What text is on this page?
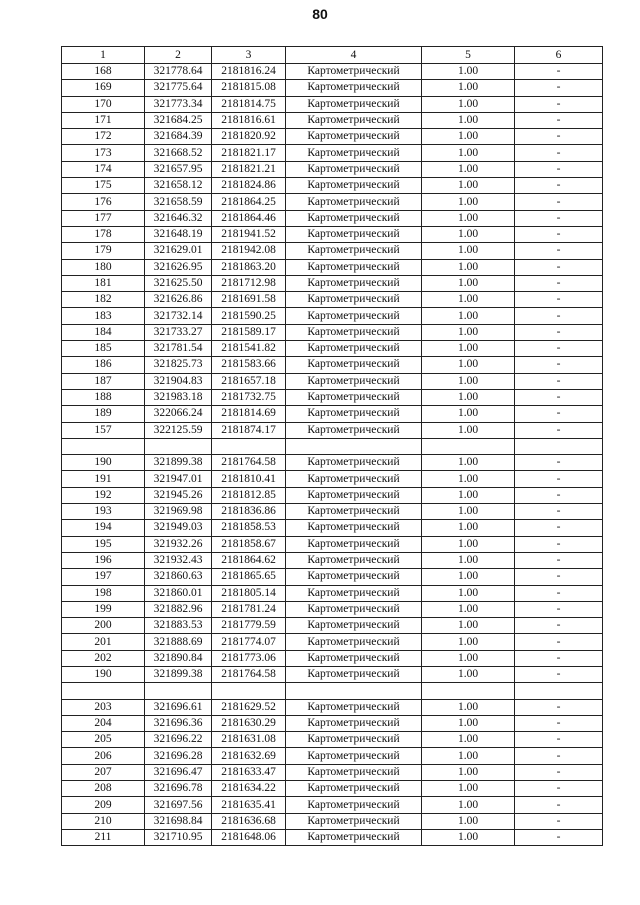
80
1	2	3	4	5	6
168	321778.64	2181816.24	Картометрический	1.00	-
169	321775.64	2181815.08	Картометрический	1.00	-
170	321773.34	2181814.75	Картометрический	1.00	-
171	321684.25	2181816.61	Картометрический	1.00	-
172	321684.39	2181820.92	Картометрический	1.00	-
173	321668.52	2181821.17	Картометрический	1.00	-
174	321657.95	2181821.21	Картометрический	1.00	-
175	321658.12	2181824.86	Картометрический	1.00	-
176	321658.59	2181864.25	Картометрический	1.00	-
177	321646.32	2181864.46	Картометрический	1.00	-
178	321648.19	2181941.52	Картометрический	1.00	-
179	321629.01	2181942.08	Картометрический	1.00	-
180	321626.95	2181863.20	Картометрический	1.00	-
181	321625.50	2181712.98	Картометрический	1.00	-
182	321626.86	2181691.58	Картометрический	1.00	-
183	321732.14	2181590.25	Картометрический	1.00	-
184	321733.27	2181589.17	Картометрический	1.00	-
185	321781.54	2181541.82	Картометрический	1.00	-
186	321825.73	2181583.66	Картометрический	1.00	-
187	321904.83	2181657.18	Картометрический	1.00	-
188	321983.18	2181732.75	Картометрический	1.00	-
189	322066.24	2181814.69	Картометрический	1.00	-
157	322125.59	2181874.17	Картометрический	1.00	-

190	321899.38	2181764.58	Картометрический	1.00	-
191	321947.01	2181810.41	Картометрический	1.00	-
192	321945.26	2181812.85	Картометрический	1.00	-
193	321969.98	2181836.86	Картометрический	1.00	-
194	321949.03	2181858.53	Картометрический	1.00	-
195	321932.26	2181858.67	Картометрический	1.00	-
196	321932.43	2181864.62	Картометрический	1.00	-
197	321860.63	2181865.65	Картометрический	1.00	-
198	321860.01	2181805.14	Картометрический	1.00	-
199	321882.96	2181781.24	Картометрический	1.00	-
200	321883.53	2181779.59	Картометрический	1.00	-
201	321888.69	2181774.07	Картометрический	1.00	-
202	321890.84	2181773.06	Картометрический	1.00	-
190	321899.38	2181764.58	Картометрический	1.00	-

203	321696.61	2181629.52	Картометрический	1.00	-
204	321696.36	2181630.29	Картометрический	1.00	-
205	321696.22	2181631.08	Картометрический	1.00	-
206	321696.28	2181632.69	Картометрический	1.00	-
207	321696.47	2181633.47	Картометрический	1.00	-
208	321696.78	2181634.22	Картометрический	1.00	-
209	321697.56	2181635.41	Картометрический	1.00	-
210	321698.84	2181636.68	Картометрический	1.00	-
211	321710.95	2181648.06	Картометрический	1.00	-
